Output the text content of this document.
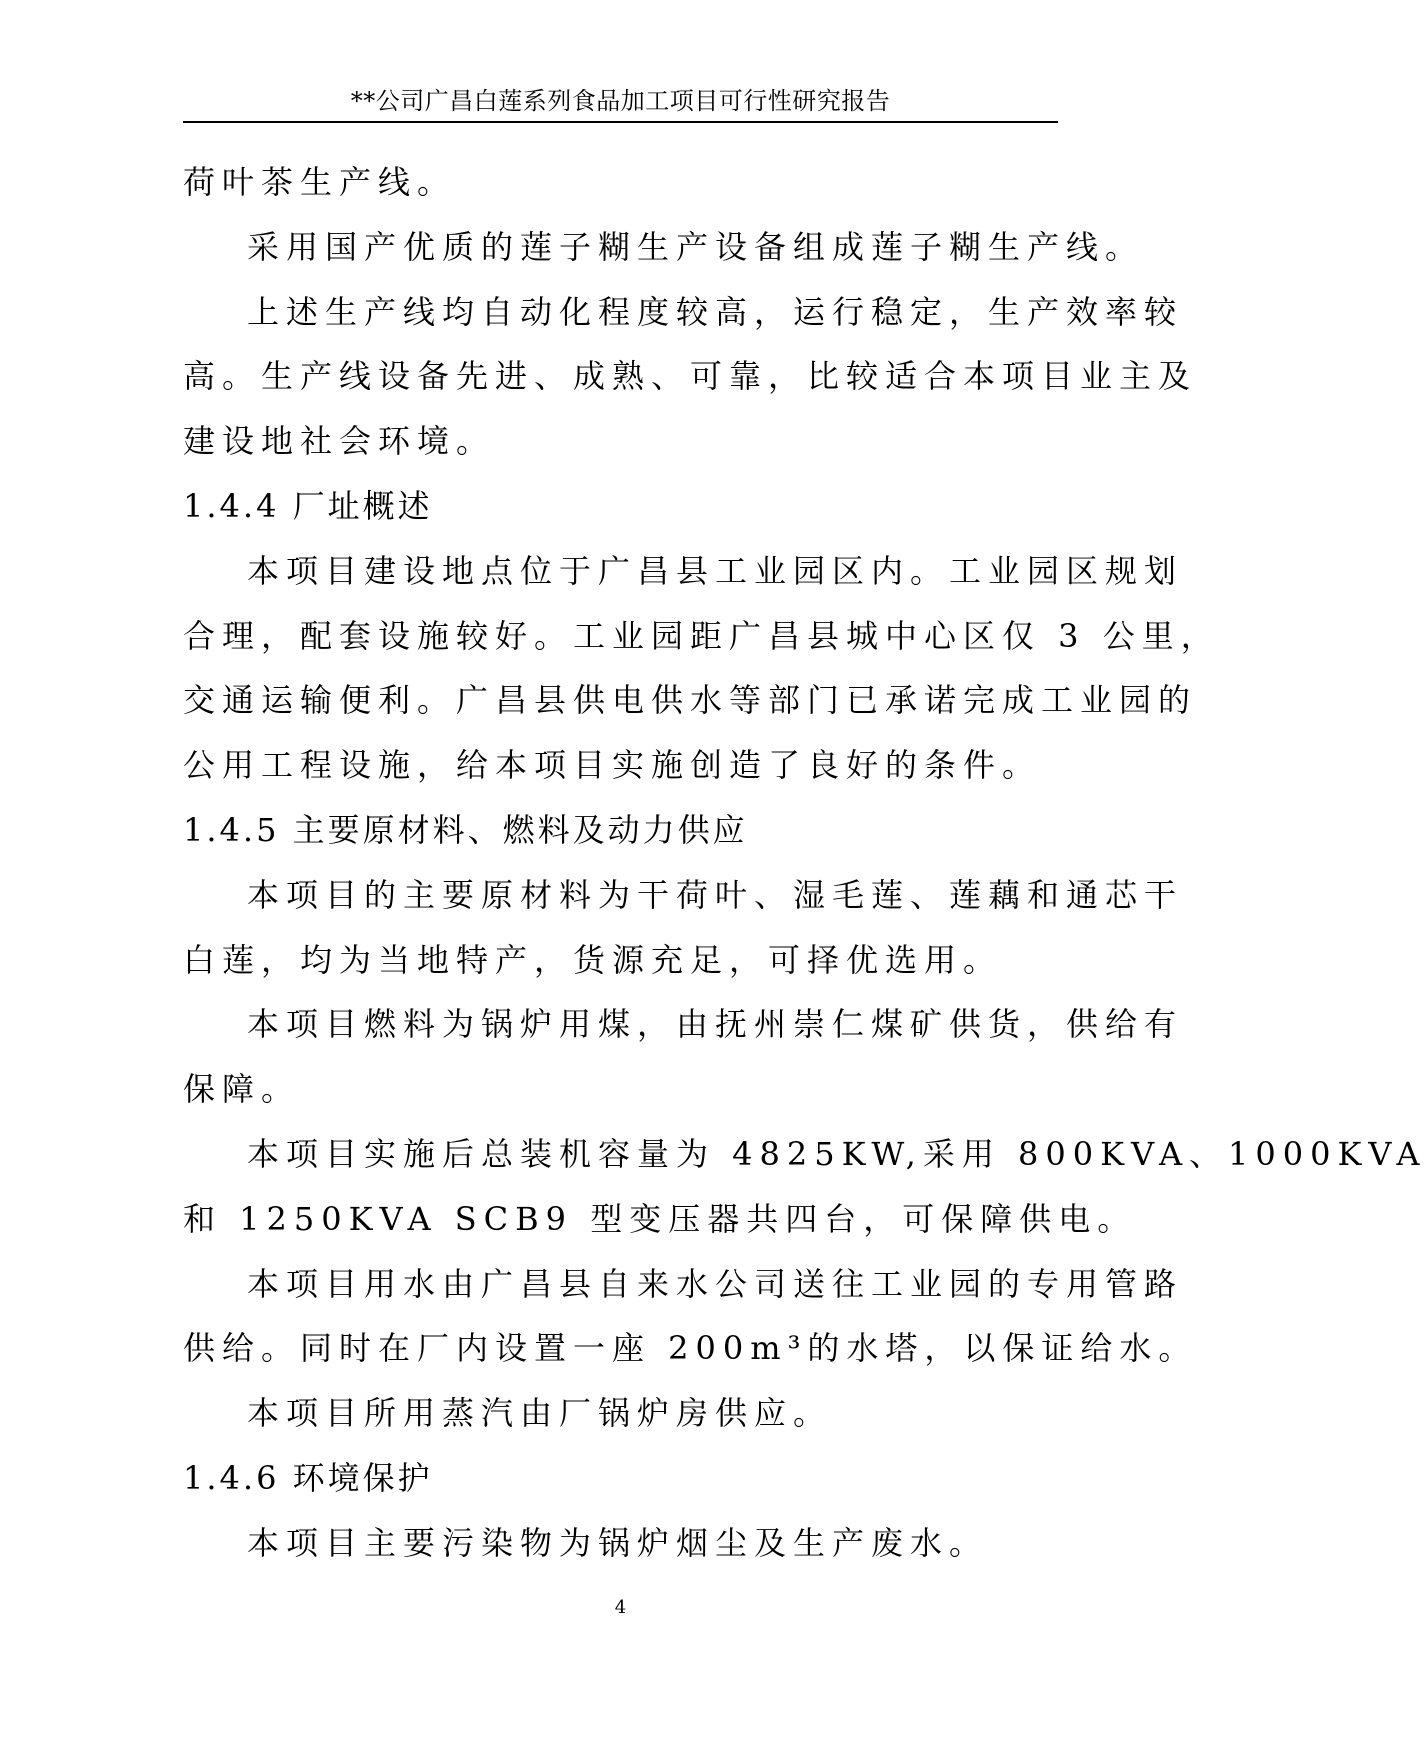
**公司广昌白莲系列食品加工项目可行性研究报告
荷叶茶生产线。
采用国产优质的莲子糊生产设备组成莲子糊生产线。
上述生产线均自动化程度较高，运行稳定，生产效率较
高。生产线设备先进、成熟、可靠，比较适合本项目业主及
建设地社会环境。
1.4.4 厂址概述
本项目建设地点位于广昌县工业园区内。工业园区规划
合理，配套设施较好。工业园距广昌县城中心区仅 3 公里，
交通运输便利。广昌县供电供水等部门已承诺完成工业园的
公用工程设施，给本项目实施创造了良好的条件。
1.4.5 主要原材料、燃料及动力供应
本项目的主要原材料为干荷叶、湿毛莲、莲藕和通芯干
白莲，均为当地特产，货源充足，可择优选用。
本项目燃料为锅炉用煤，由抚州崇仁煤矿供货，供给有
保障。
本项目实施后总装机容量为 4825KW,采用 800KVA、1000KVA
和 1250KVA SCB9 型变压器共四台，可保障供电。
本项目用水由广昌县自来水公司送往工业园的专用管路
供给。同时在厂内设置一座 200m³的水塔，以保证给水。
本项目所用蒸汽由厂锅炉房供应。
1.4.6 环境保护
本项目主要污染物为锅炉烟尘及生产废水。
4
